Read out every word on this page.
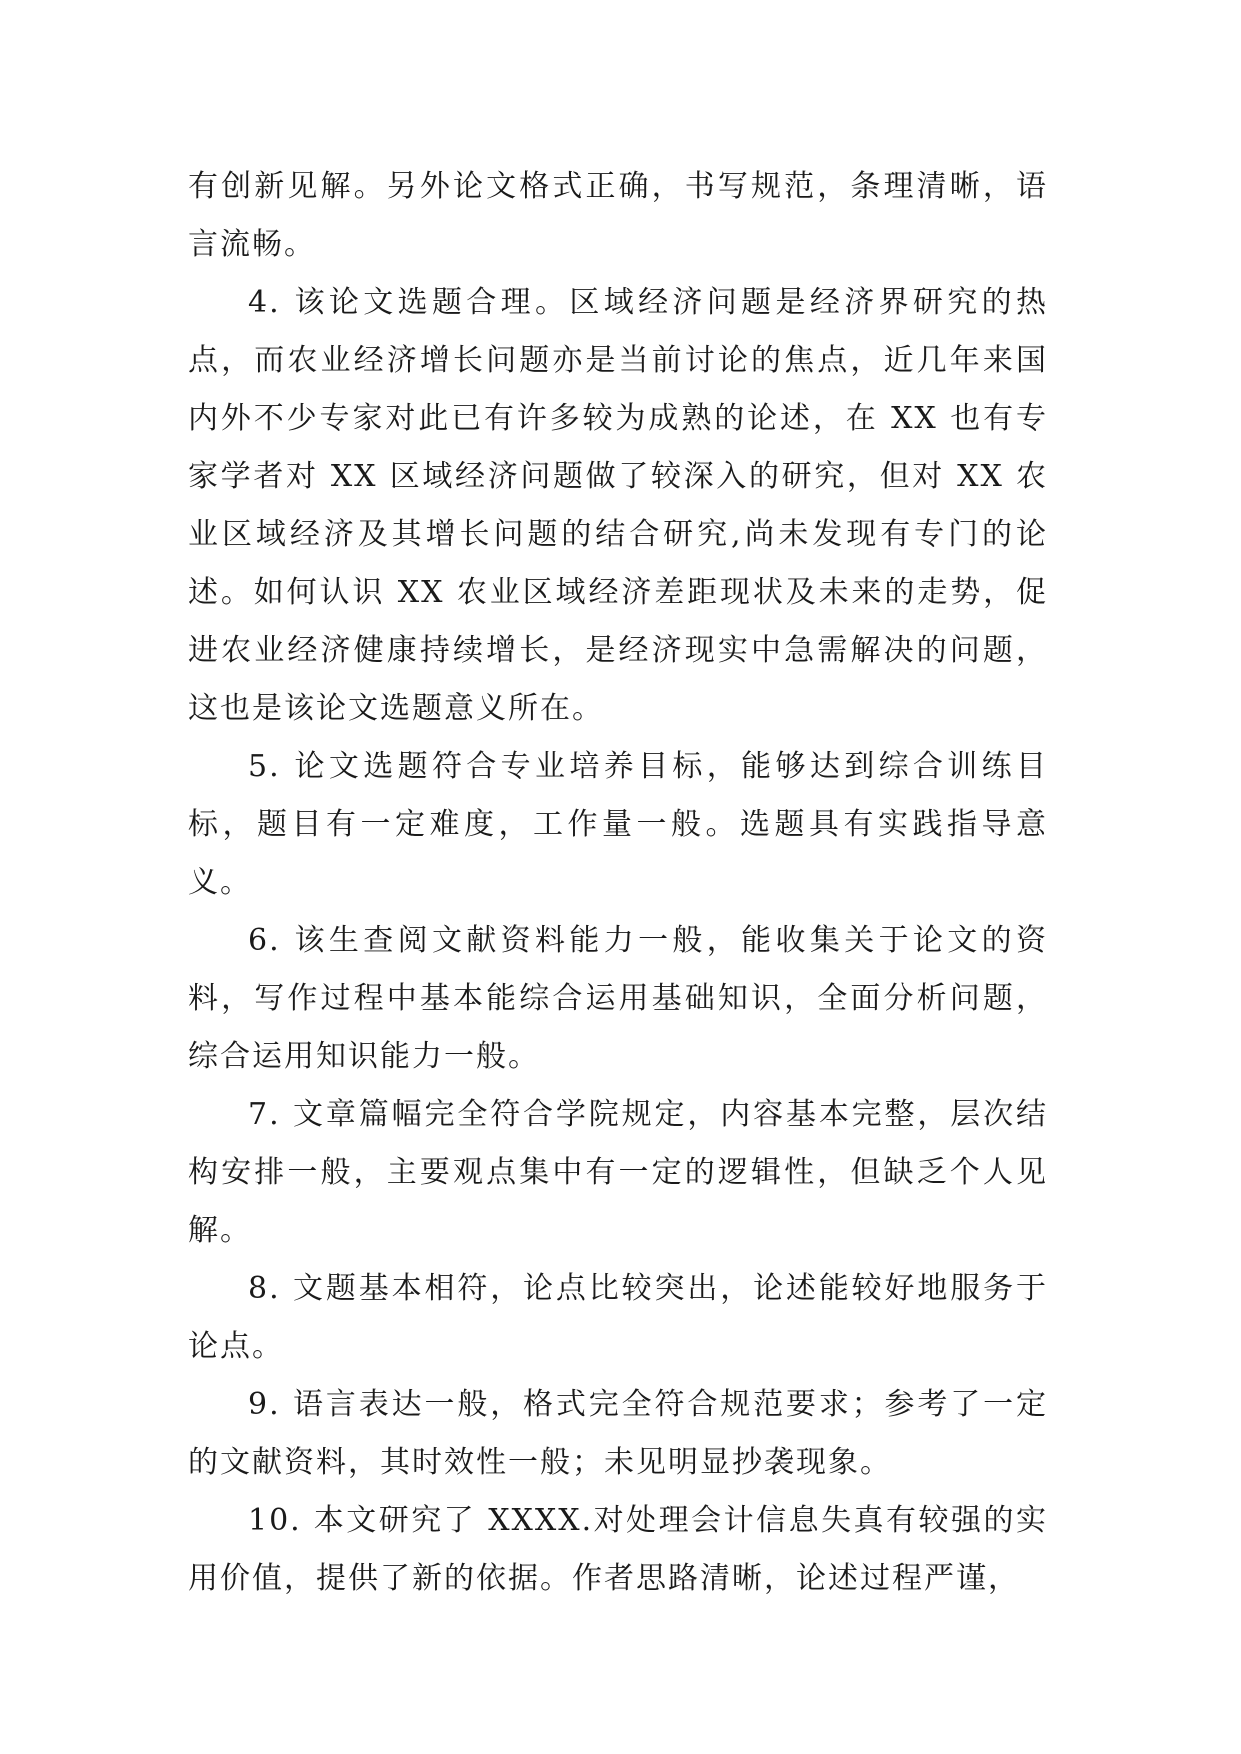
有创新见解。另外论文格式正确，书写规范，条理清晰，语言流畅。

4. 该论文选题合理。区域经济问题是经济界研究的热点，而农业经济增长问题亦是当前讨论的焦点，近几年来国内外不少专家对此已有许多较为成熟的论述，在 XX 也有专家学者对 XX 区域经济问题做了较深入的研究，但对 XX 农业区域经济及其增长问题的结合研究,尚未发现有专门的论述。如何认识 XX 农业区域经济差距现状及未来的走势，促进农业经济健康持续增长，是经济现实中急需解决的问题，这也是该论文选题意义所在。

5. 论文选题符合专业培养目标，能够达到综合训练目标，题目有一定难度，工作量一般。选题具有实践指导意义。

6. 该生查阅文献资料能力一般，能收集关于论文的资料，写作过程中基本能综合运用基础知识，全面分析问题，综合运用知识能力一般。

7. 文章篇幅完全符合学院规定，内容基本完整，层次结构安排一般，主要观点集中有一定的逻辑性，但缺乏个人见解。

8. 文题基本相符，论点比较突出，论述能较好地服务于论点。

9. 语言表达一般，格式完全符合规范要求；参考了一定的文献资料，其时效性一般；未见明显抄袭现象。

10. 本文研究了 XXXX.对处理会计信息失真有较强的实用价值，提供了新的依据。作者思路清晰，论述过程严谨，
